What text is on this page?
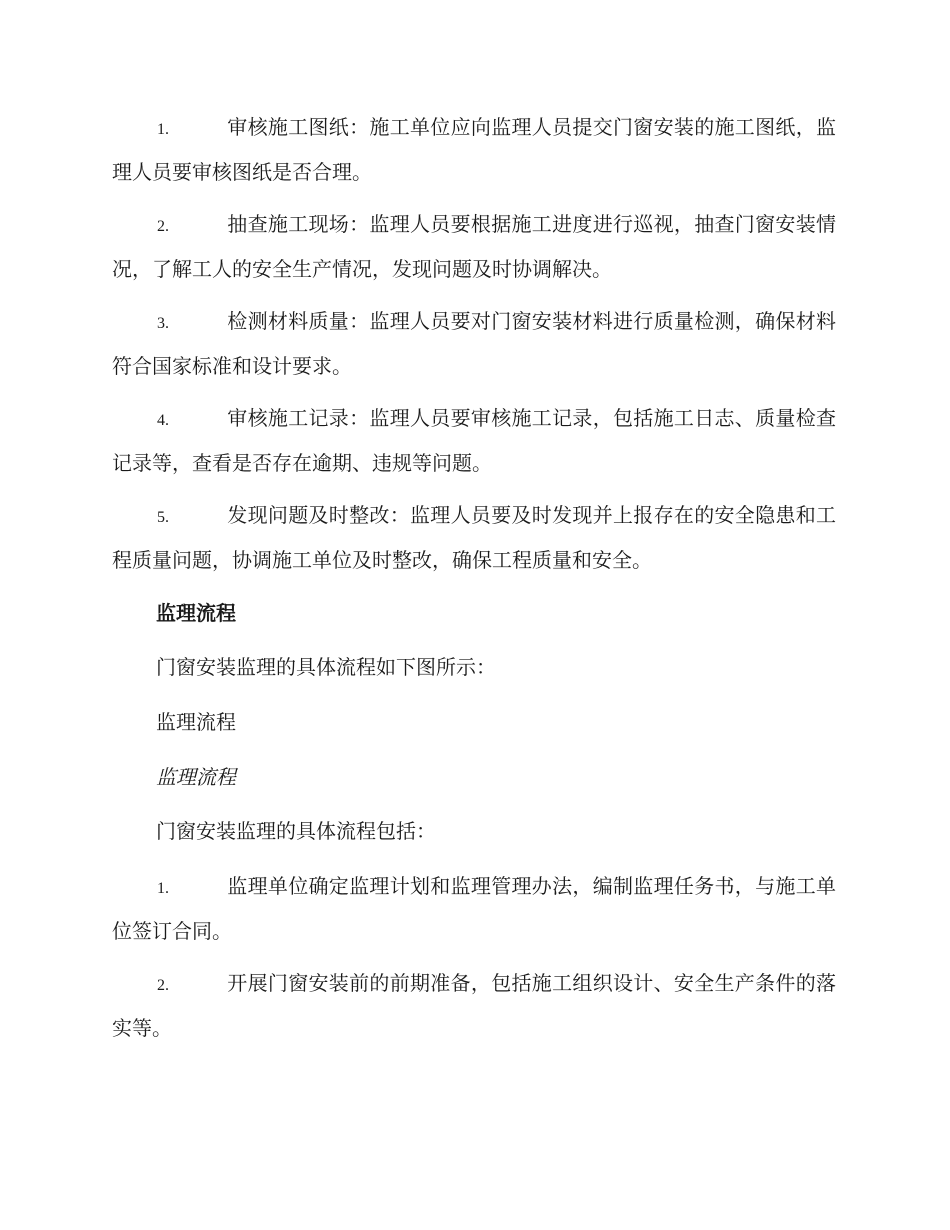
1.	审核施工图纸：施工单位应向监理人员提交门窗安装的施工图纸，监理人员要审核图纸是否合理。

2.	抽查施工现场：监理人员要根据施工进度进行巡视，抽查门窗安装情况，了解工人的安全生产情况，发现问题及时协调解决。

3.	检测材料质量：监理人员要对门窗安装材料进行质量检测，确保材料符合国家标准和设计要求。

4.	审核施工记录：监理人员要审核施工记录，包括施工日志、质量检查记录等，查看是否存在逾期、违规等问题。

5.	发现问题及时整改：监理人员要及时发现并上报存在的安全隐患和工程质量问题，协调施工单位及时整改，确保工程质量和安全。

监理流程

门窗安装监理的具体流程如下图所示：

监理流程

监理流程

门窗安装监理的具体流程包括：

1.	监理单位确定监理计划和监理管理办法，编制监理任务书，与施工单位签订合同。

2.	开展门窗安装前的前期准备，包括施工组织设计、安全生产条件的落实等。
